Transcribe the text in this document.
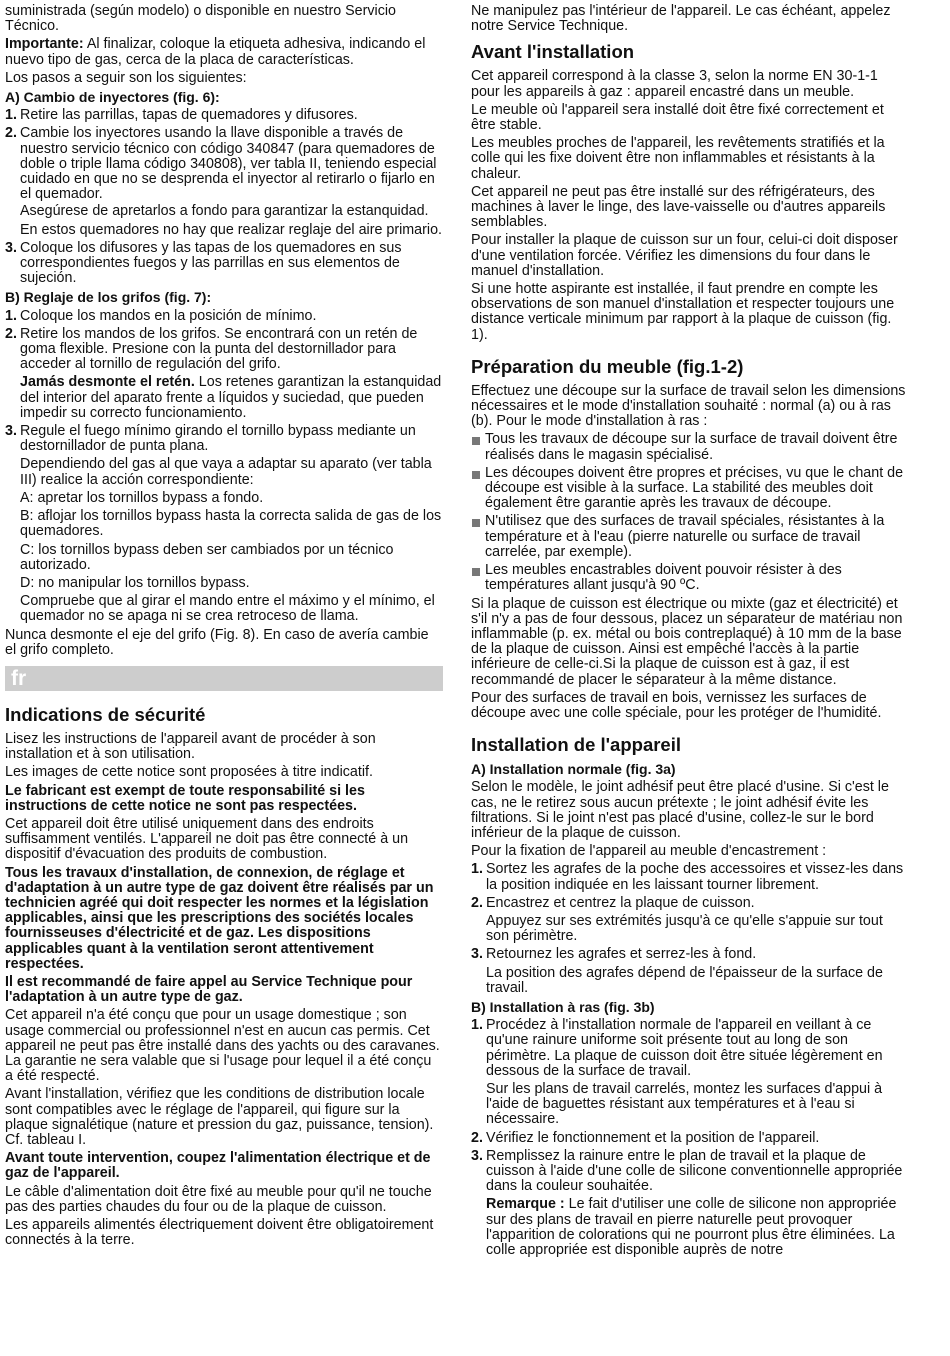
suministrada (según modelo) o disponible en nuestro Servicio Técnico.

Importante: Al finalizar, coloque la etiqueta adhesiva, indicando el nuevo tipo de gas, cerca de la placa de características.

Los pasos a seguir son los siguientes:

A) Cambio de inyectores (fig. 6):
1. Retire las parrillas, tapas de quemadores y difusores.
2. Cambie los inyectores usando la llave disponible a través de nuestro servicio técnico con código 340847 (para quemadores de doble o triple llama código 340808), ver tabla II, teniendo especial cuidado en que no se desprenda el inyector al retirarlo o fijarlo en el quemador.

Asegúrese de apretarlos a fondo para garantizar la estanquidad.

En estos quemadores no hay que realizar reglaje del aire primario.

3. Coloque los difusores y las tapas de los quemadores en sus correspondientes fuegos y las parrillas en sus elementos de sujeción.
B) Reglaje de los grifos (fig. 7):
1. Coloque los mandos en la posición de mínimo.
2. Retire los mandos de los grifos. Se encontrará con un retén de goma flexible. Presione con la punta del destornillador para acceder al tornillo de regulación del grifo.

Jamás desmonte el retén. Los retenes garantizan la estanquidad del interior del aparato frente a líquidos y suciedad, que pueden impedir su correcto funcionamiento.

3. Regule el fuego mínimo girando el tornillo bypass mediante un destornillador de punta plana.

Dependiendo del gas al que vaya a adaptar su aparato (ver tabla III) realice la acción correspondiente:

A: apretar los tornillos bypass a fondo.

B: aflojar los tornillos bypass hasta la correcta salida de gas de los quemadores.

C: los tornillos bypass deben ser cambiados por un técnico autorizado.

D: no manipular los tornillos bypass.

Compruebe que al girar el mando entre el máximo y el mínimo, el quemador no se apaga ni se crea retroceso de llama.

Nunca desmonte el eje del grifo (Fig. 8). En caso de avería cambie el grifo completo.

fr
Indications de sécurité

Lisez les instructions de l'appareil avant de procéder à son installation et à son utilisation.

Les images de cette notice sont proposées à titre indicatif.

Le fabricant est exempt de toute responsabilité si les instructions de cette notice ne sont pas respectées.

Cet appareil doit être utilisé uniquement dans des endroits suffisamment ventilés. L'appareil ne doit pas être connecté à un dispositif d'évacuation des produits de combustion.

Tous les travaux d'installation, de connexion, de réglage et d'adaptation à un autre type de gaz doivent être réalisés par un technicien agréé qui doit respecter les normes et la législation applicables, ainsi que les prescriptions des sociétés locales fournisseuses d'électricité et de gaz. Les dispositions applicables quant à la ventilation seront attentivement respectées.

Il est recommandé de faire appel au Service Technique pour l'adaptation à un autre type de gaz.

Cet appareil n'a été conçu que pour un usage domestique ; son usage commercial ou professionnel n'est en aucun cas permis. Cet appareil ne peut pas être installé dans des yachts ou des caravanes. La garantie ne sera valable que si l'usage pour lequel il a été conçu a été respecté.

Avant l'installation, vérifiez que les conditions de distribution locale sont compatibles avec le réglage de l'appareil, qui figure sur la plaque signalétique (nature et pression du gaz, puissance, tension). Cf. tableau I.

Avant toute intervention, coupez l'alimentation électrique et de gaz de l'appareil.

Le câble d'alimentation doit être fixé au meuble pour qu'il ne touche pas des parties chaudes du four ou de la plaque de cuisson.

Les appareils alimentés électriquement doivent être obligatoirement connectés à la terre.

Ne manipulez pas l'intérieur de l'appareil. Le cas échéant, appelez notre Service Technique.

Avant l'installation

Cet appareil correspond à la classe 3, selon la norme EN 30-1-1 pour les appareils à gaz : appareil encastré dans un meuble.

Le meuble où l'appareil sera installé doit être fixé correctement et être stable.

Les meubles proches de l'appareil, les revêtements stratifiés et la colle qui les fixe doivent être non inflammables et résistants à la chaleur.

Cet appareil ne peut pas être installé sur des réfrigérateurs, des machines à laver le linge, des lave-vaisselle ou d'autres appareils semblables.

Pour installer la plaque de cuisson sur un four, celui-ci doit disposer d'une ventilation forcée. Vérifiez les dimensions du four dans le manuel d'installation.

Si une hotte aspirante est installée, il faut prendre en compte les observations de son manuel d'installation et respecter toujours une distance verticale minimum par rapport à la plaque de cuisson (fig. 1).

Préparation du meuble (fig.1-2)

Effectuez une découpe sur la surface de travail selon les dimensions nécessaires et le mode d'installation souhaité : normal (a) ou à ras (b). Pour le mode d'installation à ras :

Tous les travaux de découpe sur la surface de travail doivent être réalisés dans le magasin spécialisé.
Les découpes doivent être propres et précises, vu que le chant de découpe est visible à la surface. La stabilité des meubles doit également être garantie après les travaux de découpe.
N'utilisez que des surfaces de travail spéciales, résistantes à la température et à l'eau (pierre naturelle ou surface de travail carrelée, par exemple).
Les meubles encastrables doivent pouvoir résister à des températures allant jusqu'à 90 ºC.

Si la plaque de cuisson est électrique ou mixte (gaz et électricité) et s'il n'y a pas de four dessous, placez un séparateur de matériau non inflammable (p. ex. métal ou bois contreplaqué) à 10 mm de la base de la plaque de cuisson. Ainsi est empêché l'accès à la partie inférieure de celle-ci.Si la plaque de cuisson est à gaz, il est recommandé de placer le séparateur à la même distance.

Pour des surfaces de travail en bois, vernissez les surfaces de découpe avec une colle spéciale, pour les protéger de l'humidité.

Installation de l'appareil
A) Installation normale (fig. 3a)

Selon le modèle, le joint adhésif peut être placé d'usine. Si c'est le cas, ne le retirez sous aucun prétexte ; le joint adhésif évite les filtrations. Si le joint n'est pas placé d'usine, collez-le sur le bord inférieur de la plaque de cuisson.

Pour la fixation de l'appareil au meuble d'encastrement :

1. Sortez les agrafes de la poche des accessoires et vissez-les dans la position indiquée en les laissant tourner librement.
2. Encastrez et centrez la plaque de cuisson.

Appuyez sur ses extrémités jusqu'à ce qu'elle s'appuie sur tout son périmètre.

3. Retournez les agrafes et serrez-les à fond.

La position des agrafes dépend de l'épaisseur de la surface de travail.

B) Installation à ras (fig. 3b)
1. Procédez à l'installation normale de l'appareil en veillant à ce qu'une rainure uniforme soit présente tout au long de son périmètre. La plaque de cuisson doit être située légèrement en dessous de la surface de travail.

Sur les plans de travail carrelés, montez les surfaces d'appui à l'aide de baguettes résistant aux températures et à l'eau si nécessaire.

2. Vérifiez le fonctionnement et la position de l'appareil.
3. Remplissez la rainure entre le plan de travail et la plaque de cuisson à l'aide d'une colle de silicone conventionnelle appropriée dans la couleur souhaitée.

Remarque : Le fait d'utiliser une colle de silicone non appropriée sur des plans de travail en pierre naturelle peut provoquer l'apparition de colorations qui ne pourront plus être éliminées. La colle appropriée est disponible auprès de notre
